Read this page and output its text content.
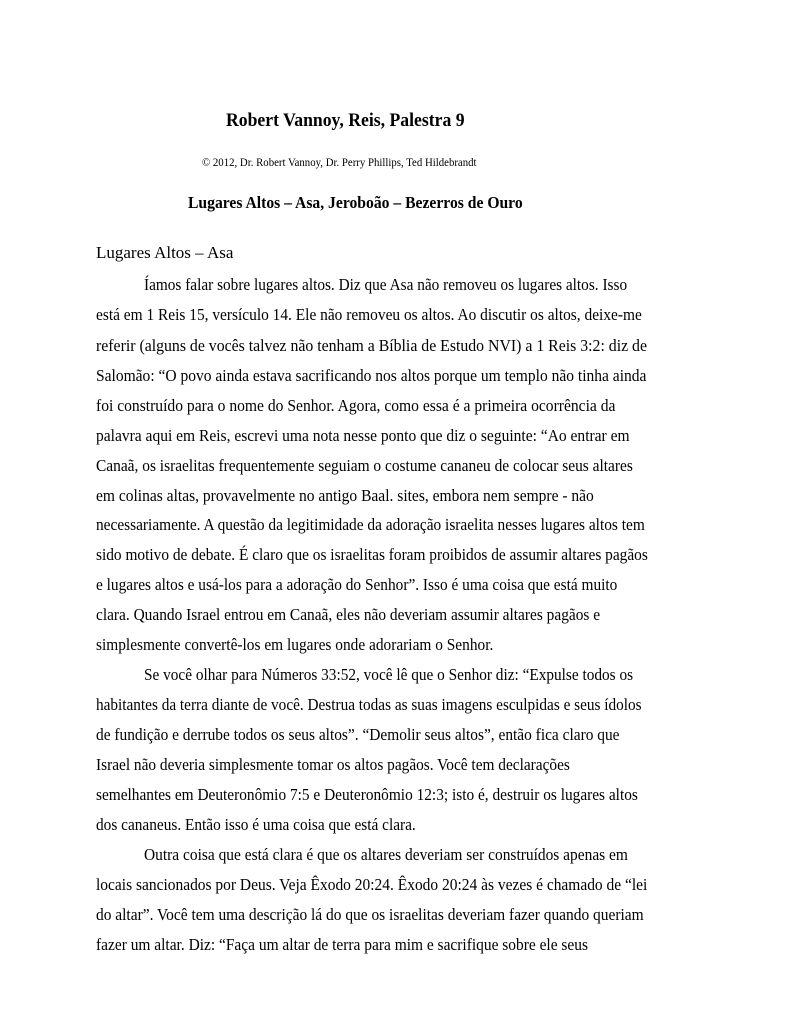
Robert Vannoy, Reis, Palestra 9
© 2012, Dr. Robert Vannoy, Dr. Perry Phillips, Ted Hildebrandt
Lugares Altos – Asa, Jeroboão – Bezerros de Ouro
Lugares Altos – Asa
Íamos falar sobre lugares altos. Diz que Asa não removeu os lugares altos. Isso
está em 1 Reis 15, versículo 14. Ele não removeu os altos. Ao discutir os altos, deixe-me
referir (alguns de vocês talvez não tenham a Bíblia de Estudo NVI) a 1 Reis 3:2: diz de
Salomão: “O povo ainda estava sacrificando nos altos porque um templo não tinha ainda
foi construído para o nome do Senhor. Agora, como essa é a primeira ocorrência da
palavra aqui em Reis, escrevi uma nota nesse ponto que diz o seguinte: “Ao entrar em
Canaã, os israelitas frequentemente seguiam o costume cananeu de colocar seus altares
em colinas altas, provavelmente no antigo Baal. sites, embora nem sempre - não
necessariamente. A questão da legitimidade da adoração israelita nesses lugares altos tem
sido motivo de debate. É claro que os israelitas foram proibidos de assumir altares pagãos
e lugares altos e usá-los para a adoração do Senhor”. Isso é uma coisa que está muito
clara. Quando Israel entrou em Canaã, eles não deveriam assumir altares pagãos e
simplesmente convertê-los em lugares onde adorariam o Senhor.
Se você olhar para Números 33:52, você lê que o Senhor diz: “Expulse todos os
habitantes da terra diante de você. Destrua todas as suas imagens esculpidas e seus ídolos
de fundição e derrube todos os seus altos”. “Demolir seus altos”, então fica claro que
Israel não deveria simplesmente tomar os altos pagãos. Você tem declarações
semelhantes em Deuteronômio 7:5 e Deuteronômio 12:3; isto é, destruir os lugares altos
dos cananeus. Então isso é uma coisa que está clara.
Outra coisa que está clara é que os altares deveriam ser construídos apenas em
locais sancionados por Deus. Veja Êxodo 20:24. Êxodo 20:24 às vezes é chamado de “lei
do altar”. Você tem uma descrição lá do que os israelitas deveriam fazer quando queriam
fazer um altar. Diz: “Faça um altar de terra para mim e sacrifique sobre ele seus
